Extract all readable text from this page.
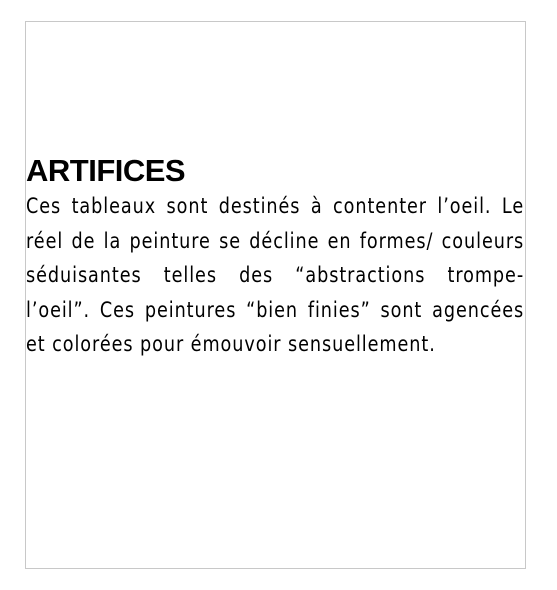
ARTIFICES

Ces tableaux sont destinés à contenter l’oeil. Le réel de la peinture se décline en formes/ couleurs séduisantes telles des “abstractions trompe-l’oeil”. Ces peintures “bien finies” sont agencées et colorées pour émouvoir sensuellement.
